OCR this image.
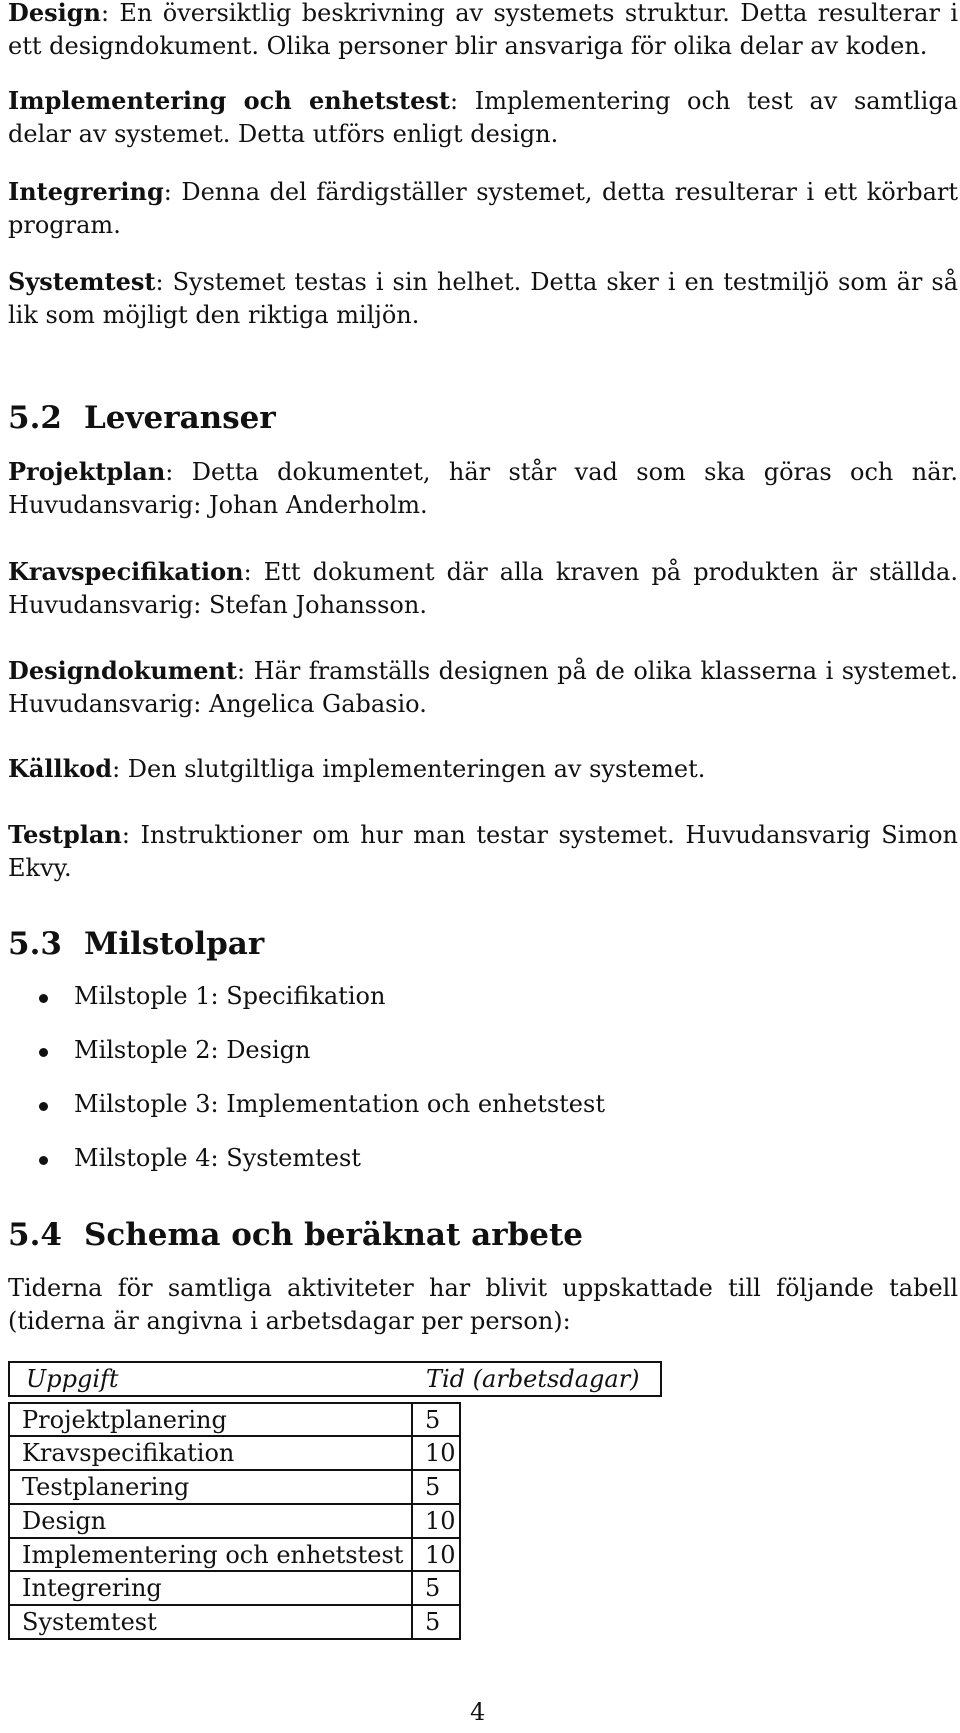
Design: En översiktlig beskrivning av systemets struktur. Detta resulterar i ett designdokument. Olika personer blir ansvariga för olika delar av koden.

Implementering och enhetstest: Implementering och test av samtliga delar av systemet. Detta utförs enligt design.

Integrering: Denna del färdigställer systemet, detta resulterar i ett körbart program.

Systemtest: Systemet testas i sin helhet. Detta sker i en testmiljö som är så lik som möjligt den riktiga miljön.

5.2 Leveranser

Projektplan: Detta dokumentet, här står vad som ska göras och när. Huvudansvarig: Johan Anderholm.

Kravspecifikation: Ett dokument där alla kraven på produkten är ställda. Huvudansvarig: Stefan Johansson.

Designdokument: Här framställs designen på de olika klasserna i systemet. Huvudansvarig: Angelica Gabasio.

Källkod: Den slutgiltliga implementeringen av systemet.

Testplan: Instruktioner om hur man testar systemet. Huvudansvarig Simon Ekvy.

5.3 Milstolpar
Milstople 1: Specifikation
Milstople 2: Design
Milstople 3: Implementation och enhetstest
Milstople 4: Systemtest
5.4 Schema och beräknat arbete

Tiderna för samtliga aktiviteter har blivit uppskattade till följande tabell (tiderna är angivna i arbetsdagar per person):

Uppgift	Tid (arbetsdagar)
Projektplanering	5
Kravspecifikation	10
Testplanering	5
Design	10
Implementering och enhetstest 10
Integrering	5
Systemtest	5
4
